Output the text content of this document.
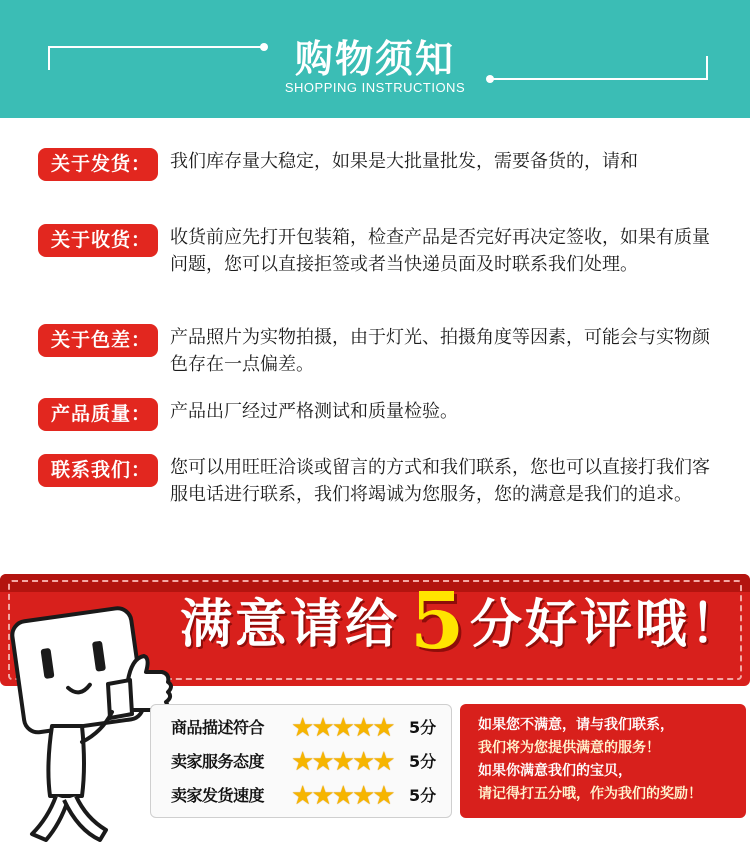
购物须知
SHOPPING INSTRUCTIONS
关于发货：	我们库存量大稳定，如果是大批量批发，需要备货的，请和
关于收货：	收货前应先打开包装箱，检查产品是否完好再决定签收，如果有质量问题，您可以直接拒签或者当快递员面及时联系我们处理。
关于色差：	产品照片为实物拍摄，由于灯光、拍摄角度等因素，可能会与实物颜色存在一点偏差。
产品质量：	产品出厂经过严格测试和质量检验。
联系我们：	您可以用旺旺洽谈或留言的方式和我们联系，您也可以直接打我们客服电话进行联系，我们将竭诚为您服务，您的满意是我们的追求。
满意请给 5 分好评哦！
商品描述符合 ★★★★★ 5分
卖家服务态度 ★★★★★ 5分
卖家发货速度 ★★★★★ 5分
如果您不满意，请与我们联系，
我们将为您提供满意的服务！
如果你满意我们的宝贝，
请记得打五分哦，作为我们的奖励！
